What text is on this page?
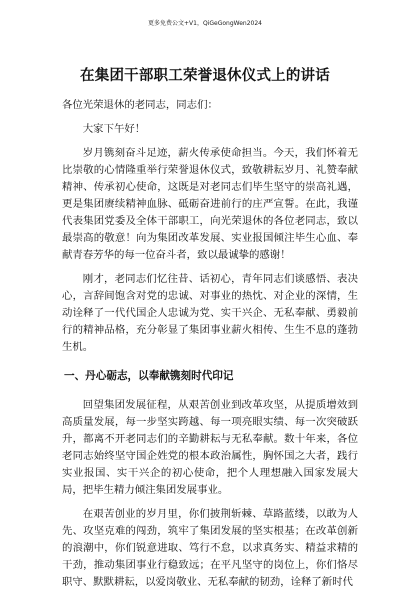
更多免费公文+V1，QiGeGongWen2024
在集团干部职工荣誉退休仪式上的讲话

各位光荣退休的老同志，同志们：

大家下午好！

岁月镌刻奋斗足迹，薪火传承使命担当。今天，我们怀着无比崇敬的心情隆重举行荣誉退休仪式，致敬耕耘岁月、礼赞奉献精神、传承初心使命，这既是对老同志们毕生坚守的崇高礼遇，更是集团赓续精神血脉、砥砺奋进前行的庄严宣誓。在此，我谨代表集团党委及全体干部职工，向光荣退休的各位老同志，致以最崇高的敬意！向为集团改革发展、实业报国倾注毕生心血、奉献青春芳华的每一位奋斗者，致以最诚挚的感谢！

刚才，老同志们忆往昔、话初心，青年同志们谈感悟、表决心，言辞间饱含对党的忠诚、对事业的热忱、对企业的深情，生动诠释了一代代国企人忠诚为党、实干兴企、无私奉献、勇毅前行的精神品格，充分彰显了集团事业薪火相传、生生不息的蓬勃生机。

一、丹心砺志，以奉献镌刻时代印记

回望集团发展征程，从艰苦创业到改革攻坚，从提质增效到高质量发展，每一步坚实跨越、每一项亮眼实绩、每一次突破跃升，都离不开老同志们的辛勤耕耘与无私奉献。数十年来，各位老同志始终坚守国企姓党的根本政治属性，胸怀国之大者，践行实业报国、实干兴企的初心使命，把个人理想融入国家发展大局，把毕生精力倾注集团发展事业。

在艰苦创业的岁月里，你们披荆斩棘、草路蓝缕，以敢为人先、攻坚克难的闯劲，筑牢了集团发展的坚实根基；在改革创新的浪潮中，你们锐意进取、笃行不怠，以求真务实、精益求精的干劲，推动集团事业行稳致远；在平凡坚守的岗位上，你们恪尽职守、默默耕耘，以爱岗敬业、无私奉献的韧劲，诠释了新时代
